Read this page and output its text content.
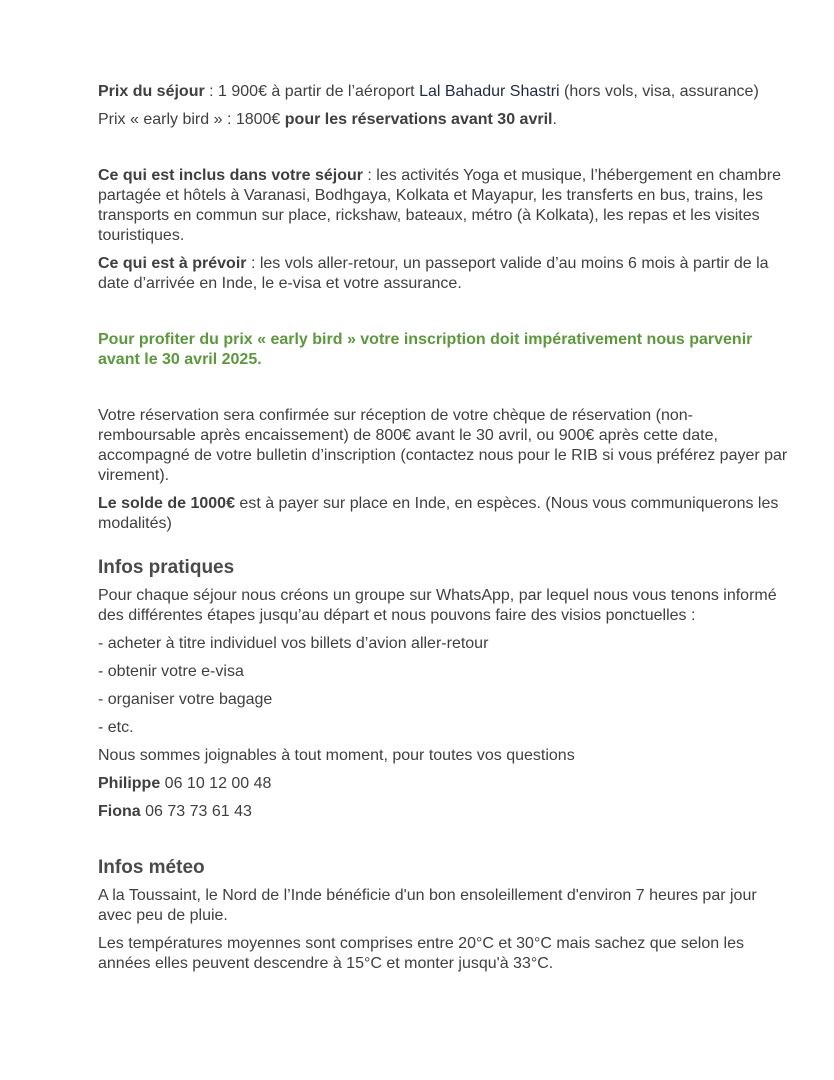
Prix du séjour : 1 900€ à partir de l’aéroport Lal Bahadur Shastri (hors vols, visa, assurance)

Prix « early bird » : 1800€ pour les réservations avant 30 avril.

Ce qui est inclus dans votre séjour : les activités Yoga et musique, l’hébergement en chambre partagée et hôtels à Varanasi, Bodhgaya, Kolkata et Mayapur, les transferts en bus, trains, les transports en commun sur place, rickshaw, bateaux, métro (à Kolkata), les repas et les visites touristiques.

Ce qui est à prévoir : les vols aller-retour, un passeport valide d’au moins 6 mois à partir de la date d’arrivée en Inde, le e-visa et votre assurance.

Pour profiter du prix « early bird » votre inscription doit impérativement nous parvenir avant le 30 avril 2025.

Votre réservation sera confirmée sur réception de votre chèque de réservation (non-remboursable après encaissement) de 800€ avant le 30 avril, ou 900€ après cette date, accompagné de votre bulletin d’inscription (contactez nous pour le RIB si vous préférez payer par virement).

Le solde de 1000€ est à payer sur place en Inde, en espèces. (Nous vous communiquerons les modalités)

Infos pratiques

Pour chaque séjour nous créons un groupe sur WhatsApp, par lequel nous vous tenons informé des différentes étapes jusqu’au départ et nous pouvons faire des visios ponctuelles :

- acheter à titre individuel vos billets d’avion aller-retour

- obtenir votre e-visa

- organiser votre bagage

- etc.

Nous sommes joignables à tout moment, pour toutes vos questions

Philippe 06 10 12 00 48

Fiona 06 73 73 61 43

Infos méteo

A la Toussaint, le Nord de l’Inde bénéficie d'un bon ensoleillement d'environ 7 heures par jour avec peu de pluie.

Les températures moyennes sont comprises entre 20°C et 30°C mais sachez que selon les années elles peuvent descendre à 15°C et monter jusqu'à 33°C.
